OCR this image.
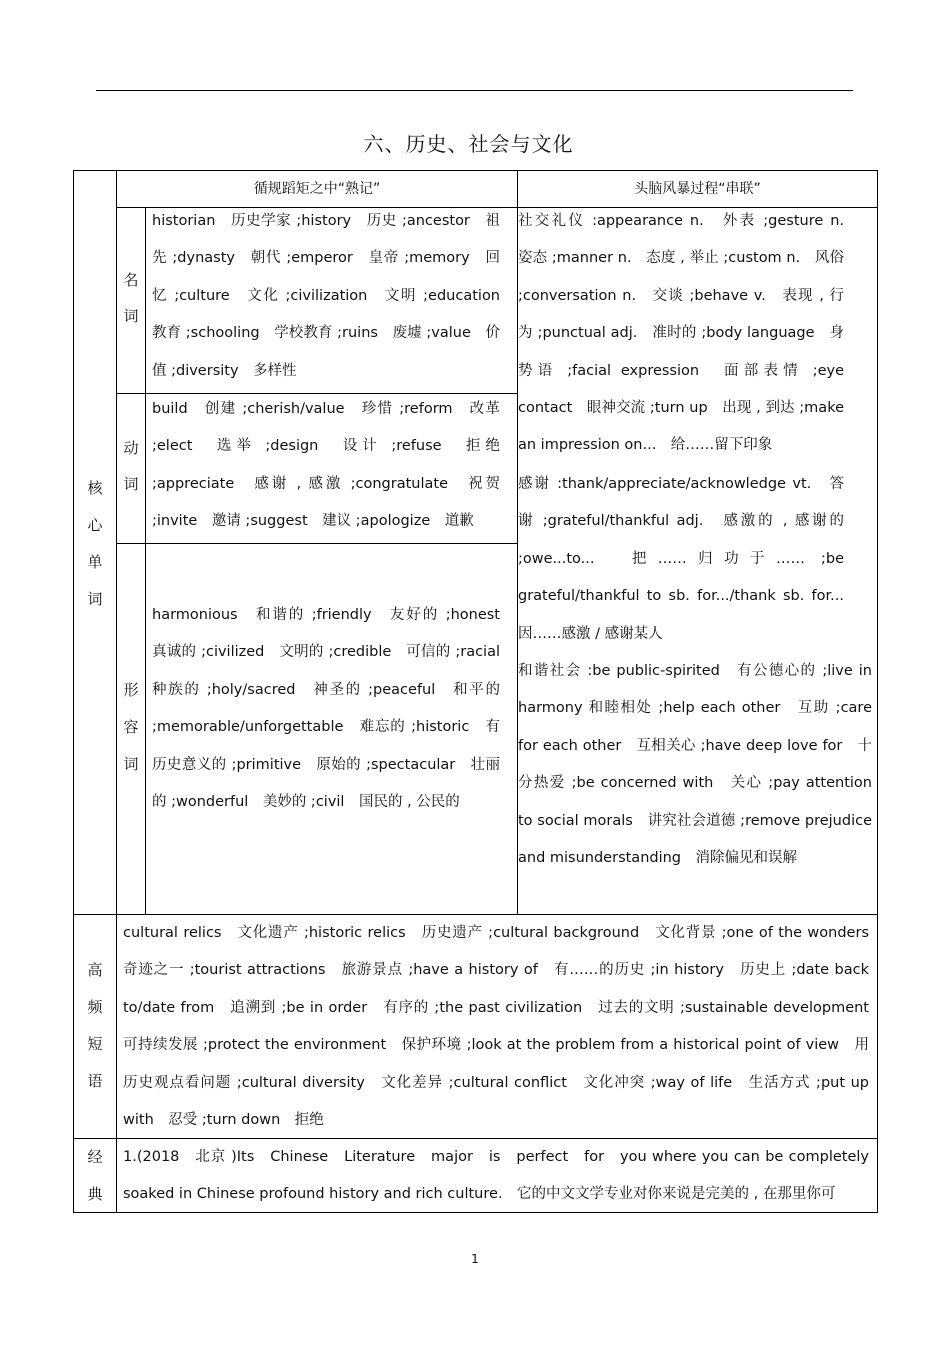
六、历史、社会与文化
核心单词
循规蹈矩之中“熟记”	头脑风暴过程“串联”
名词
historian　历史学家 ;history　历史 ;ancestor　祖先 ;dynasty　朝代 ;emperor　皇帝 ;memory　回忆 ;culture　文化 ;civilization　文明 ;education　教育 ;schooling　学校教育 ;ruins　废墟 ;value　价值 ;diversity　多样性
动词
build　创建 ;cherish/value　珍惜 ;reform　改革 ;elect　选举 ;design　设计 ;refuse　拒绝 ;appreciate　感谢 , 感激 ;congratulate　祝贺 ;invite　邀请 ;suggest　建议 ;apologize　道歉
形容词
harmonious　和谐的 ;friendly　友好的 ;honest　真诚的 ;civilized　文明的 ;credible　可信的 ;racial　种族的 ;holy/sacred　神圣的 ;peaceful　和平的 ;memorable/unforgettable　难忘的 ;historic　有历史意义的 ;primitive　原始的 ;spectacular　壮丽的 ;wonderful　美妙的 ;civil　国民的 , 公民的
社交礼仪 :appearance n.　外表 ;gesture n.　姿态 ;manner n.　态度 , 举止 ;custom n.　风俗 ;conversation n.　交谈 ;behave v.　表现 , 行为 ;punctual adj.　准时的 ;body language　身势语 ;facial expression　面部表情 ;eye contact　眼神交流 ;turn up　出现 , 到达 ;make an impression on...　给……留下印象
感谢 :thank/appreciate/acknowledge vt.　答谢 ;grateful/thankful adj.　感激的 , 感谢的 ;owe...to...　把……归功于…… ;be grateful/thankful to sb. for.../thank sb. for...　因……感激 / 感谢某人
和谐社会 :be public-spirited　有公德心的 ;live in harmony 和睦相处 ;help each other　互助 ;care for each other　互相关心 ;have deep love for　十分热爱 ;be concerned with　关心 ;pay attention to social morals　讲究社会道德 ;remove prejudice and misunderstanding　消除偏见和误解
高频短语
cultural relics　文化遗产 ;historic relics　历史遗产 ;cultural background　文化背景 ;one of the wonders　奇迹之一 ;tourist attractions　旅游景点 ;have a history of　有……的历史 ;in history　历史上 ;date back to/date from　追溯到 ;be in order　有序的 ;the past civilization　过去的文明 ;sustainable development　可持续发展 ;protect the environment　保护环境 ;look at the problem from a historical point of view　用历史观点看问题 ;cultural diversity　文化差异 ;cultural conflict　文化冲突 ;way of life　生活方式 ;put up with　忍受 ;turn down　拒绝
经典
1.(2018　北京 )Its　Chinese　Literature　major　is　perfect　for　you where you can be completely　soaked in Chinese profound history and rich culture.　它的中文文学专业对你来说是完美的 , 在那里你可
1
